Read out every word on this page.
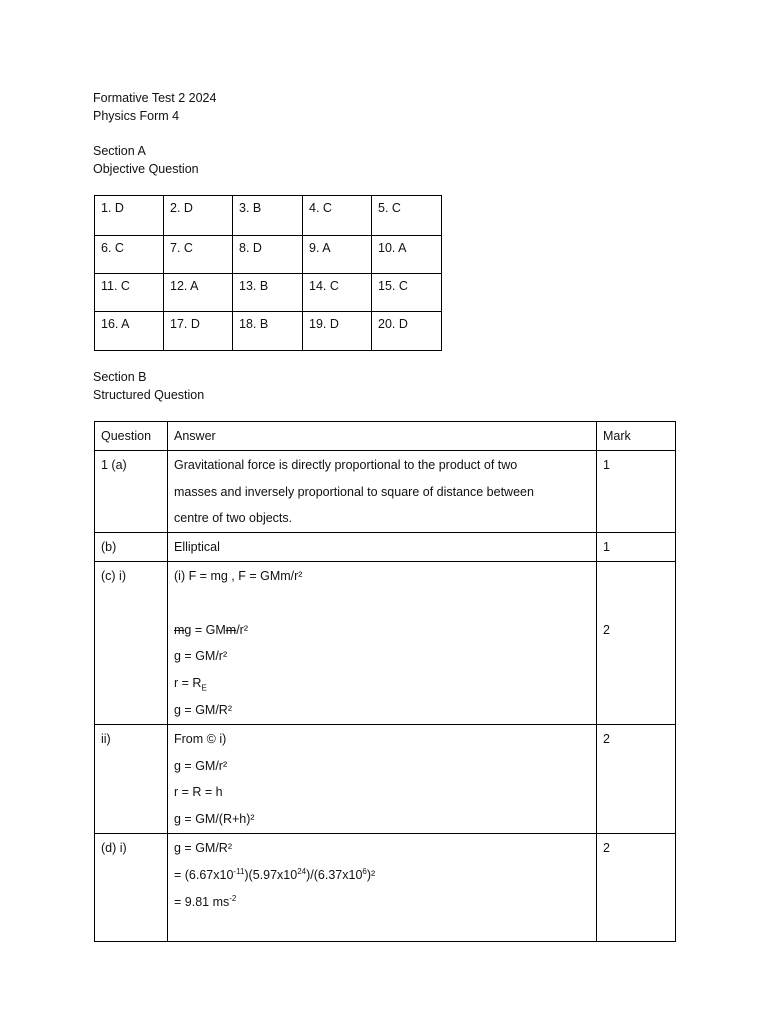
Formative Test 2 2024
Physics Form 4
Section A
Objective Question
1. D	2. D	3. B	4. C	5. C
6. C	7. C	8. D	9. A	10. A
11. C	12. A	13. B	14. C	15. C
16. A	17. D	18. B	19. D	20. D
Section B
Structured Question
Question	Answer	Mark
1 (a)	Gravitational force is directly proportional to the product of two
masses and inversely proportional to square of distance between
centre of two objects.	1
(b)	Elliptical	1
(c) i)	(i) F = mg , F = GMm/r²
mg = GMm/r²
g = GM/r²
$r = R_E$
g = GM/R²	2

ii)	From © i)
g = GM/r²
r = R = h
g = GM/(R+h)²	2
(d) i)	g = GM/R²
= $(6.67x10^{-11})(5.97x10^{24})/(6.37x10^6)^2$
= 9.81 $ms^{-2}$	2
